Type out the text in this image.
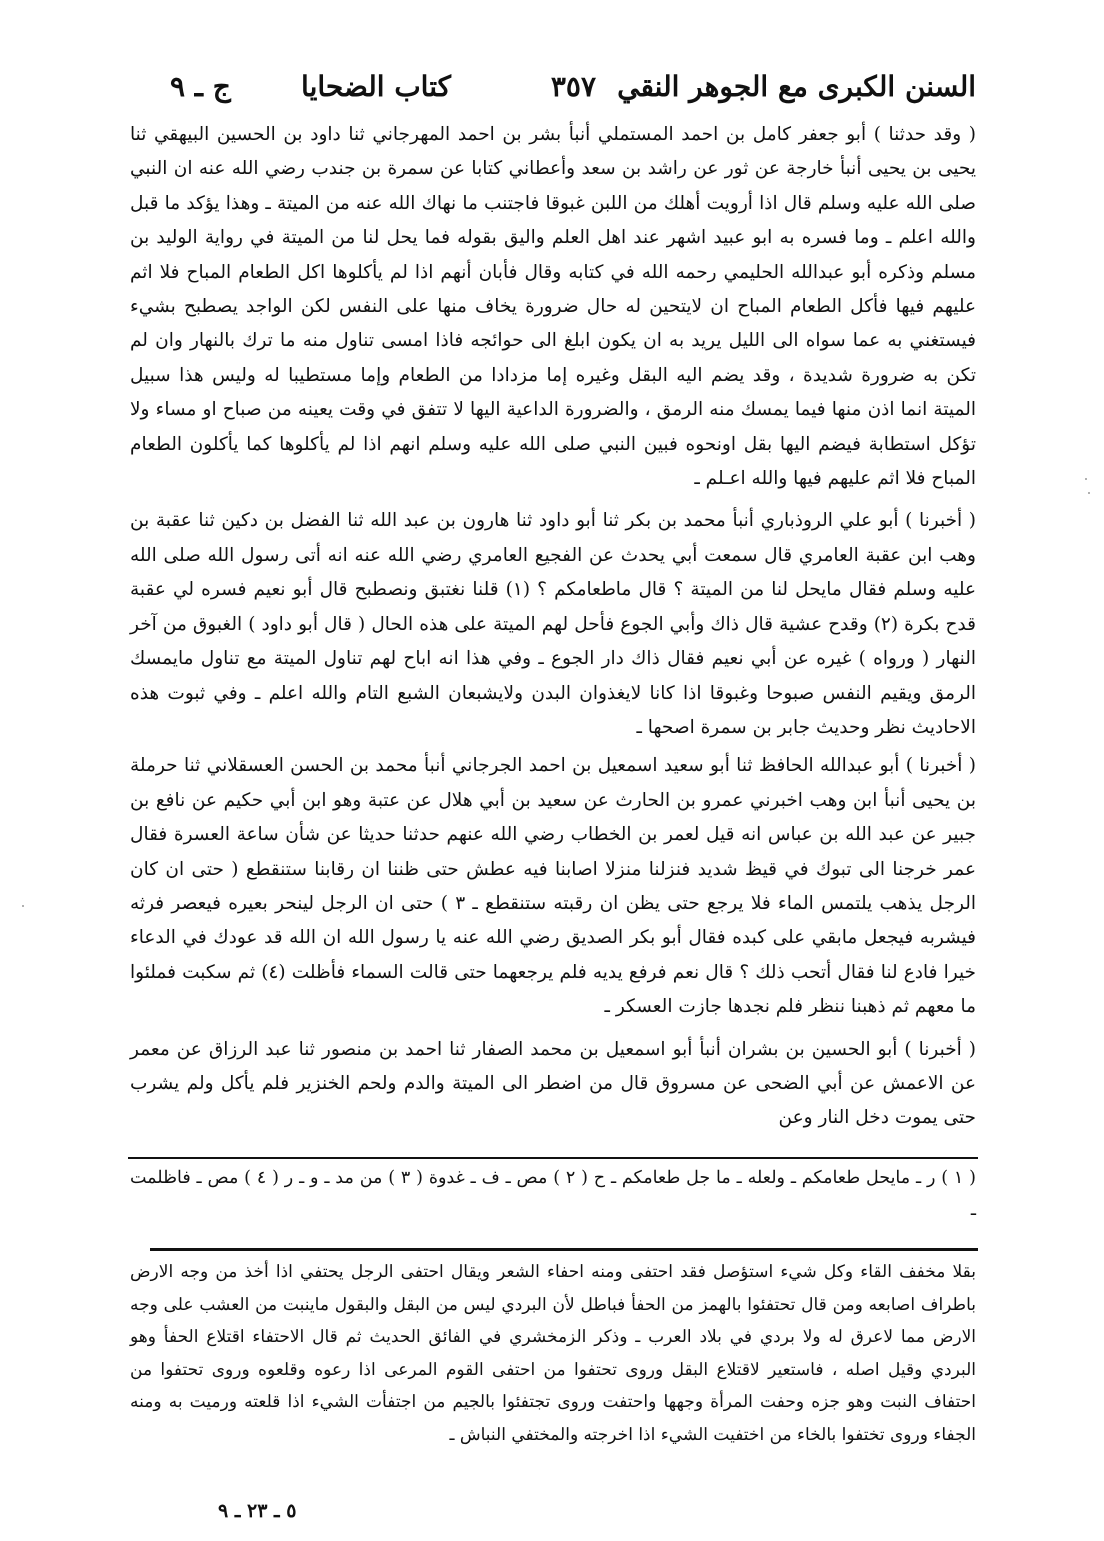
السنن الكبرى مع الجوهر النقي
٣٥٧
كتاب الضحايا
ج ـ ٩

( وقد حدثنا ) أبو جعفر كامل بن احمد المستملي أنبأ بشر بن احمد المهرجاني ثنا داود بن الحسين البيهقي ثنا يحيى بن يحيى أنبأ خارجة عن ثور عن راشد بن سعد وأعطاني كتابا عن سمرة بن جندب رضي الله عنه ان النبي صلى الله عليه وسلم قال اذا أرويت أهلك من اللبن غبوقا فاجتنب ما نهاك الله عنه من الميتة ـ وهذا يؤكد ما قبل والله اعلم ـ وما فسره به ابو عبيد اشهر عند اهل العلم واليق بقوله فما يحل لنا من الميتة في رواية الوليد بن مسلم وذكره أبو عبدالله الحليمي رحمه الله في كتابه وقال فأبان أنهم اذا لم يأكلوها اكل الطعام المباح فلا اثم عليهم فيها فأكل الطعام المباح ان لايتحين له حال ضرورة يخاف منها على النفس لكن الواجد يصطبح بشيء فيستغني به عما سواه الى الليل يريد به ان يكون ابلغ الى حوائجه فاذا امسى تناول منه ما ترك بالنهار وان لم تكن به ضرورة شديدة ، وقد يضم اليه البقل وغيره إما مزدادا من الطعام وإما مستطيبا له وليس هذا سبيل الميتة انما اذن منها فيما يمسك منه الرمق ، والضرورة الداعية اليها لا تتفق في وقت يعينه من صباح او مساء ولا تؤكل استطابة فيضم اليها بقل اونحوه فبين النبي صلى الله عليه وسلم انهم اذا لم يأكلوها كما يأكلون الطعام المباح فلا اثم عليهم فيها والله اعـلم ـ

( أخبرنا ) أبو علي الروذباري أنبأ محمد بن بكر ثنا أبو داود ثنا هارون بن عبد الله ثنا الفضل بن دكين ثنا عقبة بن وهب ابن عقبة العامري قال سمعت أبي يحدث عن الفجيع العامري رضي الله عنه انه أتى رسول الله صلى الله عليه وسلم فقال مايحل لنا من الميتة ؟ قال ماطعامكم ؟ (١) قلنا نغتبق ونصطبح قال أبو نعيم فسره لي عقبة قدح بكرة (٢) وقدح عشية قال ذاك وأبي الجوع فأحل لهم الميتة على هذه الحال ( قال أبو داود ) الغبوق من آخر النهار ( ورواه ) غيره عن أبي نعيم فقال ذاك دار الجوع ـ وفي هذا انه اباح لهم تناول الميتة مع تناول مايمسك الرمق ويقيم النفس صبوحا وغبوقا اذا كانا لايغذوان البدن ولايشبعان الشبع التام والله اعلم ـ وفي ثبوت هذه الاحاديث نظر وحديث جابر بن سمرة اصحها ـ

( أخبرنا ) أبو عبدالله الحافظ ثنا أبو سعيد اسمعيل بن احمد الجرجاني أنبأ محمد بن الحسن العسقلاني ثنا حرملة بن يحيى أنبأ ابن وهب اخبرني عمرو بن الحارث عن سعيد بن أبي هلال عن عتبة وهو ابن أبي حكيم عن نافع بن جبير عن عبد الله بن عباس انه قيل لعمر بن الخطاب رضي الله عنهم حدثنا حديثا عن شأن ساعة العسرة فقال عمر خرجنا الى تبوك في قيظ شديد فنزلنا منزلا اصابنا فيه عطش حتى ظننا ان رقابنا ستنقطع ( حتى ان كان الرجل يذهب يلتمس الماء فلا يرجع حتى يظن ان رقبته ستنقطع ـ ٣ ) حتى ان الرجل لينحر بعيره فيعصر فرثه فيشربه فيجعل مابقي على كبده فقال أبو بكر الصديق رضي الله عنه يا رسول الله ان الله قد عودك في الدعاء خيرا فادع لنا فقال أتحب ذلك ؟ قال نعم فرفع يديه فلم يرجعهما حتى قالت السماء فأظلت (٤) ثم سكبت فملئوا ما معهم ثم ذهبنا ننظر فلم نجدها جازت العسكر ـ

( أخبرنا ) أبو الحسين بن بشران أنبأ أبو اسمعيل بن محمد الصفار ثنا احمد بن منصور ثنا عبد الرزاق عن معمر عن الاعمش عن أبي الضحى عن مسروق قال من اضطر الى الميتة والدم ولحم الخنزير فلم يأكل ولم يشرب حتى يموت دخل النار وعن

( ١ ) ر ـ مايحل طعامكم ـ ولعله ـ ما جل طعامكم ـ ح ( ٢ ) مص ـ ف ـ غدوة ( ٣ ) من مد ـ و ـ ر ( ٤ ) مص ـ فاظلمت ـ
بقلا مخفف القاء وكل شيء استؤصل فقد احتفى ومنه احفاء الشعر ويقال احتفى الرجل يحتفي اذا أخذ من وجه الارض باطراف اصابعه ومن قال تحتفئوا بالهمز من الحفأ فباطل لأن البردي ليس من البقل والبقول ماينبت من العشب على وجه الارض مما لاعرق له ولا بردي في بلاد العرب ـ وذكر الزمخشري في الفائق الحديث ثم قال الاحتفاء اقتلاع الحفأ وهو البردي وقيل اصله ، فاستعير لاقتلاع البقل وروى تحتفوا من احتفى القوم المرعى اذا رعوه وقلعوه وروى تحتفوا من احتفاف النبت وهو جزه وحفت المرأة وجهها واحتفت وروى تجتفئوا بالجيم من اجتفأت الشيء اذا قلعته ورميت به ومنه الجفاء وروى تختفوا بالخاء من اختفيت الشيء اذا اخرجته والمختفي النباش ـ
٥ ـ ٢٣ ـ ٩
